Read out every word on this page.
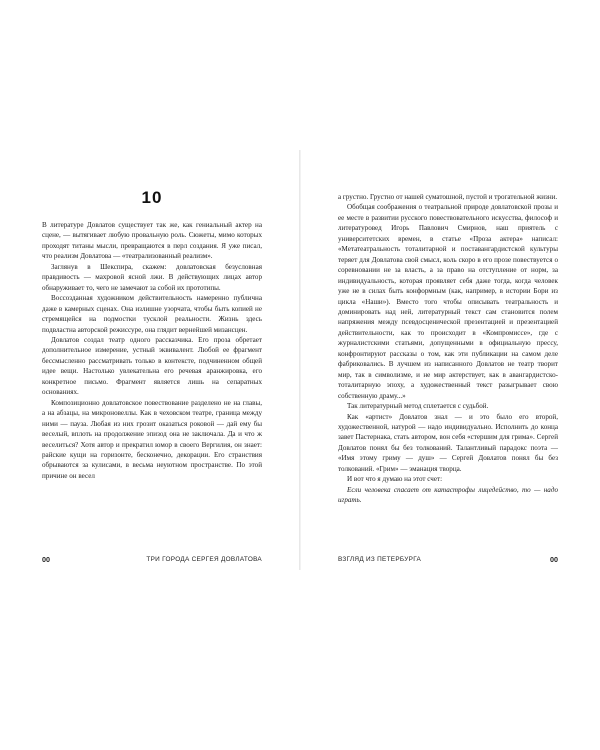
10

В литературе Довлатов существует так же, как гениальный актер на сцене, — вытягивает любую провальную роль. Сюжеты, мимо которых проходят титаны мысли, превращаются в перл создания. Я уже писал, что реализм Довлатова — «театрализованный реализм».

Заглянув в Шекспира, скажем: довлатовская безусловная правдивость — махровой ясной лжи. В действующих лицах автор обнаруживает то, чего не замечают за собой их прототипы.

Воссозданная художником действительность намеренно публична даже в камерных сценах. Она излишне узорчата, чтобы быть копией не стремящейся на подмостки тусклой реальности. Жизнь здесь подвластна авторской режиссуре, она глядит вернейшей мизансцен.

Довлатов создал театр одного рассказчика. Его проза обретает дополнительное измерение, устный эквивалент. Любой ее фрагмент бессмысленно рассматривать только в контексте, подчиненном общей идее вещи. Настолько увлекательна его речевая аранжировка, его конкретное письмо. Фрагмент является лишь на сепаратных основаниях.

Композиционно довлатовское повествование разделено не на главы, а на абзацы, на микроновеллы. Как в чеховском театре, граница между ними — пауза. Любая из них грозит оказаться роковой — дай ему бы веселый, вплоть на продолжение эпизод она не заключала. Да и что ж веселиться? Хотя автор и прекратил юмор в своего Вергилия, он знает: райские кущи на горизонте, бесконечно, декорации. Его странствия обрываются за кулисами, в весьма неуютном пространстве. По этой причине он весел

00	ТРИ ГОРОДА СЕРГЕЯ ДОВЛАТОВА

а грустно. Грустно от нашей суматошной, пустой и трогательной жизни.

Обобщая соображения о театральной природе довлатовской прозы и ее месте в развитии русского повествовательного искусства, философ и литературовед Игорь Павлович Смирнов, наш приятель с университетских времен, в статье «Проза актера» написал: «Метатеатральность тоталитарной и поставангардистской культуры теряет для Довлатова свой смысл, коль скоро в его прозе повествуется о соревновании не за власть, а за право на отступление от норм, за индивидуальность, которая проявляет себя даже тогда, когда человек уже не в силах быть конформным (как, например, в истории Бори из цикла «Наши»). Вместо того чтобы описывать театральность и доминировать над ней, литературный текст сам становится полем напряжения между псевдосценической презентацией и презентацией действительности, как то происходит в «Компромиссе», где с журналистскими статьями, допущенными в официальную прессу, конфронтируют рассказы о том, как эти публикации на самом деле фабриковались. В лучшем из написанного Довлатов не театр творит мир, так в символизме, и не мир актерствует, как в авангардистско-тоталитарную эпоху, а художественный текст разыгрывает свою собственную драму...»

Так литературный метод сплетается с судьбой.

Как «артист» Довлатов знал — и это было его второй, художественной, натурой — надо индивидуально. Исполнить до конца завет Пастернака, стать автором, вон себя «стершим для грима». Сергей Довлатов понял бы без толкований. Талантливый парадокс поэта — «Имя этому гриму — душ» — Сергей Довлатов понял бы без толкований. «Грим» — эманация творца.

И вот что я думаю на этот счет:

Если человека спасает от катастрофы лицедейство, то — надо играть.

ВЗГЛЯД ИЗ ПЕТЕРБУРГА	00
